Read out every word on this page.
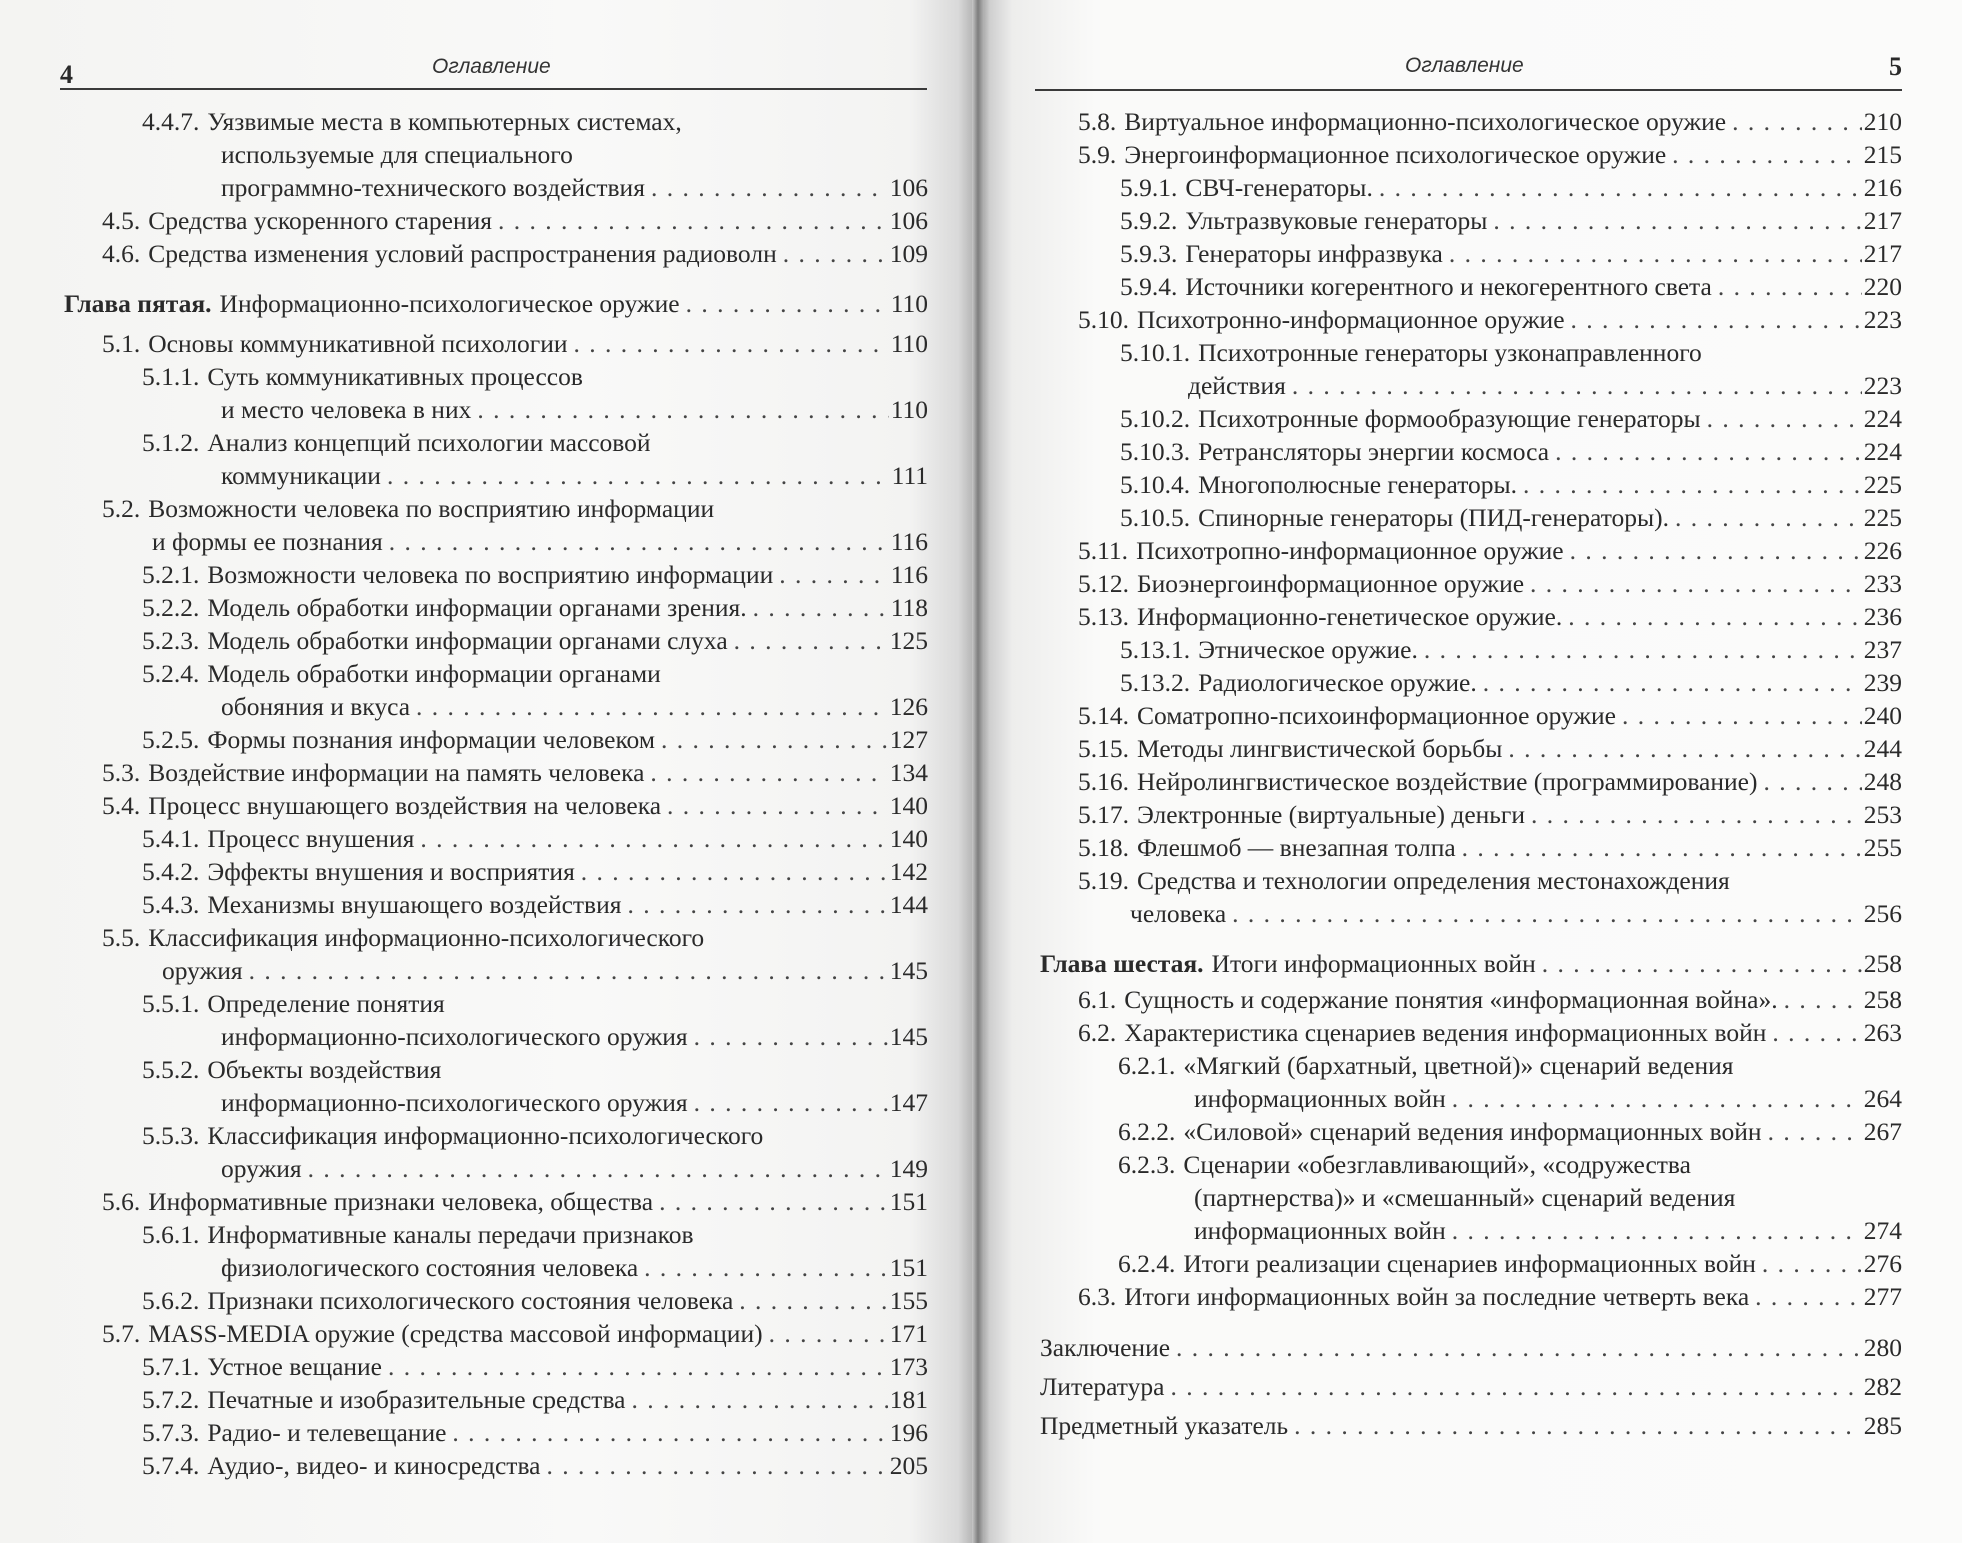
4	Оглавление	Оглавление	5
4.4.7. Уязвимые места в компьютерных системах,
используемые для специального
программно-технического воздействия . . .	106
4.5. Средства ускоренного старения . . .	106
4.6. Средства изменения условий распространения радиоволн . . .	109
Глава пятая. Информационно-психологическое оружие . . .	110
5.1. Основы коммуникативной психологии . . .	110
5.1.1. Суть коммуникативных процессов
и место человека в них . . .	110
5.1.2. Анализ концепций психологии массовой
коммуникации . . .	111
5.2. Возможности человека по восприятию информации
и формы ее познания . . .	116
5.2.1. Возможности человека по восприятию информации . . .	116
5.2.2. Модель обработки информации органами зрения. . . .	118
5.2.3. Модель обработки информации органами слуха . . .	125
5.2.4. Модель обработки информации органами
обоняния и вкуса . . .	126
5.2.5. Формы познания информации человеком . . .	127
5.3. Воздействие информации на память человека . . .	134
5.4. Процесс внушающего воздействия на человека . . .	140
5.4.1. Процесс внушения . . .	140
5.4.2. Эффекты внушения и восприятия . . .	142
5.4.3. Механизмы внушающего воздействия . . .	144
5.5. Классификация информационно-психологического
оружия . . .	145
5.5.1. Определение понятия
информационно-психологического оружия . . .	145
5.5.2. Объекты воздействия
информационно-психологического оружия . . .	147
5.5.3. Классификация информационно-психологического
оружия . . .	149
5.6. Информативные признаки человека, общества . . .	151
5.6.1. Информативные каналы передачи признаков
физиологического состояния человека . . .	151
5.6.2. Признаки психологического состояния человека . . .	155
5.7. MASS-MEDIA оружие (средства массовой информации) . . .	171
5.7.1. Устное вещание . . .	173
5.7.2. Печатные и изобразительные средства . . .	181
5.7.3. Радио- и телевещание . . .	196
5.7.4. Аудио-, видео- и киносредства . . .	205
5.8. Виртуальное информационно-психологическое оружие . . .	210
5.9. Энергоинформационное психологическое оружие . . .	215
5.9.1. СВЧ-генераторы. . . .	216
5.9.2. Ультразвуковые генераторы . . .	217
5.9.3. Генераторы инфразвука . . .	217
5.9.4. Источники когерентного и некогерентного света . . .	220
5.10. Психотронно-информационное оружие . . .	223
5.10.1. Психотронные генераторы узконаправленного
действия . . .	223
5.10.2. Психотронные формообразующие генераторы . . .	224
5.10.3. Ретрансляторы энергии космоса . . .	224
5.10.4. Многополюсные генераторы. . . .	225
5.10.5. Спинорные генераторы (ПИД-генераторы). . . .	225
5.11. Психотропно-информационное оружие . . .	226
5.12. Биоэнергоинформационное оружие . . .	233
5.13. Информационно-генетическое оружие. . . .	236
5.13.1. Этническое оружие. . . .	237
5.13.2. Радиологическое оружие. . . .	239
5.14. Соматропно-психоинформационное оружие . . .	240
5.15. Методы лингвистической борьбы . . .	244
5.16. Нейролингвистическое воздействие (программирование) . . .	248
5.17. Электронные (виртуальные) деньги . . .	253
5.18. Флешмоб — внезапная толпа . . .	255
5.19. Средства и технологии определения местонахождения
человека . . .	256
Глава шестая. Итоги информационных войн . . .	258
6.1. Сущность и содержание понятия «информационная война». . . .	258
6.2. Характеристика сценариев ведения информационных войн . . .	263
6.2.1. «Мягкий (бархатный, цветной)» сценарий ведения
информационных войн . . .	264
6.2.2. «Силовой» сценарий ведения информационных войн . . .	267
6.2.3. Сценарии «обезглавливающий», «содружества
(партнерства)» и «смешанный» сценарий ведения
информационных войн . . .	274
6.2.4. Итоги реализации сценариев информационных войн . . .	276
6.3. Итоги информационных войн за последние четверть века . . .	277
Заключение . . .	280
Литература . . .	282
Предметный указатель . . .	285
